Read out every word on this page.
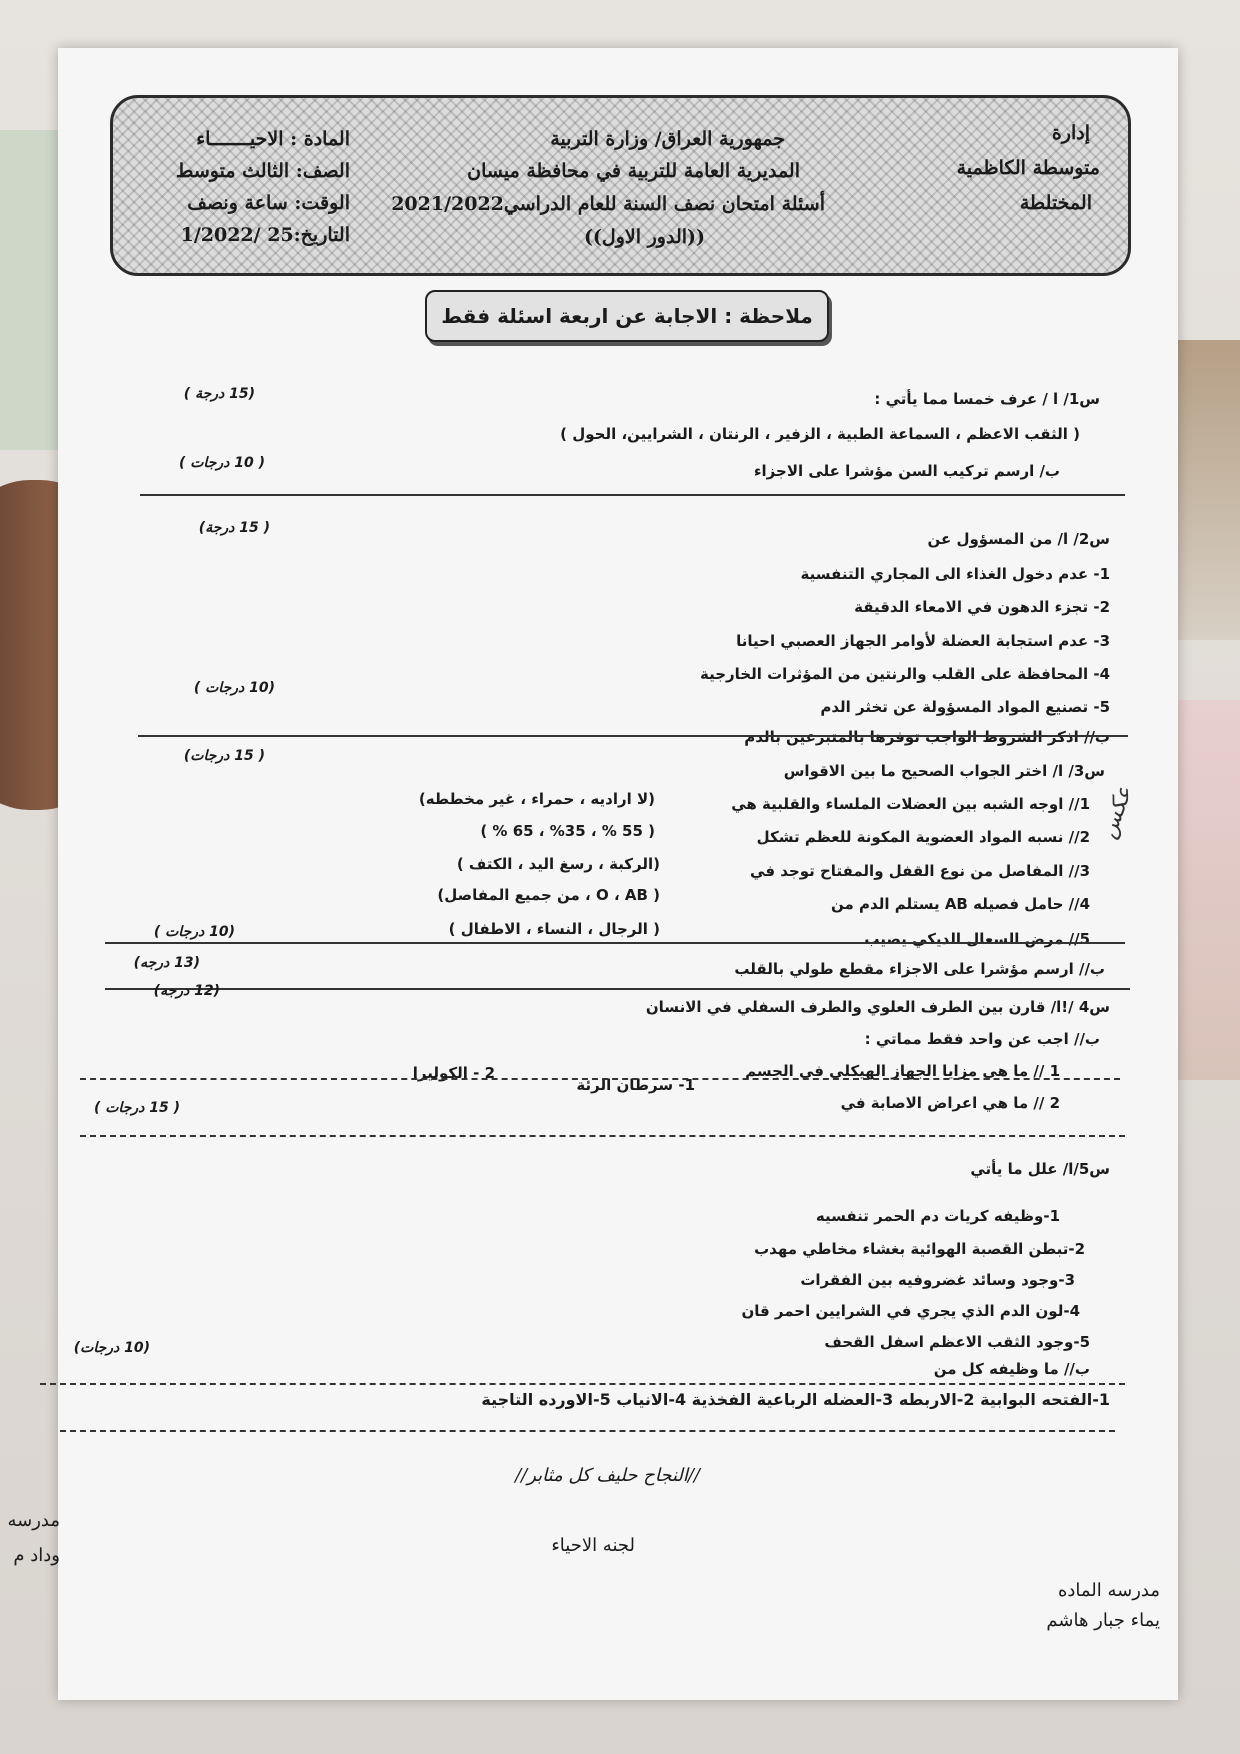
إدارة
متوسطة الكاظمية
المختلطة
جمهورية العراق/ وزارة التربية
المديرية العامة للتربية في محافظة ميسان
أسئلة امتحان نصف السنة للعام الدراسي2021/2022
((الدور الاول))
المادة : الاحيـــــــاء
الصف: الثالث متوسط
الوقت: ساعة ونصف
التاريخ:25 /1/2022
ملاحظة : الاجابة عن اربعة اسئلة فقط
س1/ ا / عرف خمسا مما يأتي :
( الثقب الاعظم ، السماعة الطبية ، الزفير ، الرنتان ، الشرايين، الحول )
ب/ ارسم تركيب السن مؤشرا على الاجزاء
(15 درجة )
( 10 درجات )
س2/ ا/ من المسؤول عن
1- عدم دخول الغذاء الى المجاري التنفسية
2- تجزء الدهون في الامعاء الدقيقة
3- عدم استجابة العضلة لأوامر الجهاز العصبي احيانا
4- المحافظة على القلب والرنتين من المؤثرات الخارجية
5- تصنيع المواد المسؤولة عن تخثر الدم
ب// اذكر الشروط الواجب توفرها بالمتبرعين بالدم
( 15 درجة)
(10 درجات )
س3/ ا/ اختر الجواب الصحيح ما بين الاقواس
1// اوجه الشبه بين العضلات الملساء والقلبية هي
2// نسبه المواد العضوية المكونة للعظم تشكل
3// المفاصل من نوع القفل والمفتاح توجد في
4// حامل فصيله AB يستلم الدم من
5// مرض السعال الديكي يصيب
(لا اراديه ، حمراء ، غير مخططه)
( 55 % ، %35 ، 65 % )
(الركبة ، رسغ اليد ، الكتف )
( O ، AB ، من جميع المفاصل)
( الرجال ، النساء ، الاطفال )
ب// ارسم مؤشرا على الاجزاء مقطع طولي بالقلب
( 15 درجات)
(10 درجات )
س4 /!ا/ قارن بين الطرف العلوي والطرف السفلي في الانسان
ب// اجب عن واحد فقط مماتي :
1 // ما هي مزايا الجهاز الهيكلي في الجسم
2 // ما هي اعراض الاصابة في
1- سرطان الرئة
2 - الكوليرا
(13 درجه)
(12 درجه)
( 15 درجات )
س5/ا/ علل ما يأتي
1-وظيفه كريات دم الحمر تنفسيه
2-تبطن القصبة الهوائية بغشاء مخاطي مهدب
3-وجود وسائد غضروفيه بين الفقرات
4-لون الدم الذي يجري في الشرايين احمر قان
5-وجود الثقب الاعظم اسفل القحف
ب// ما وظيفه كل من
1-الفتحه البوابية 2-الاربطه 3-العضله الرباعية الفخذية 4-الانياب 5-الاورده التاجية
(10 درجات)
//النجاح حليف كل مثابر//
لجنه الاحياء
مدرسه الماده
يماء جبار هاشم
مدرسه
وداد م
عكس
